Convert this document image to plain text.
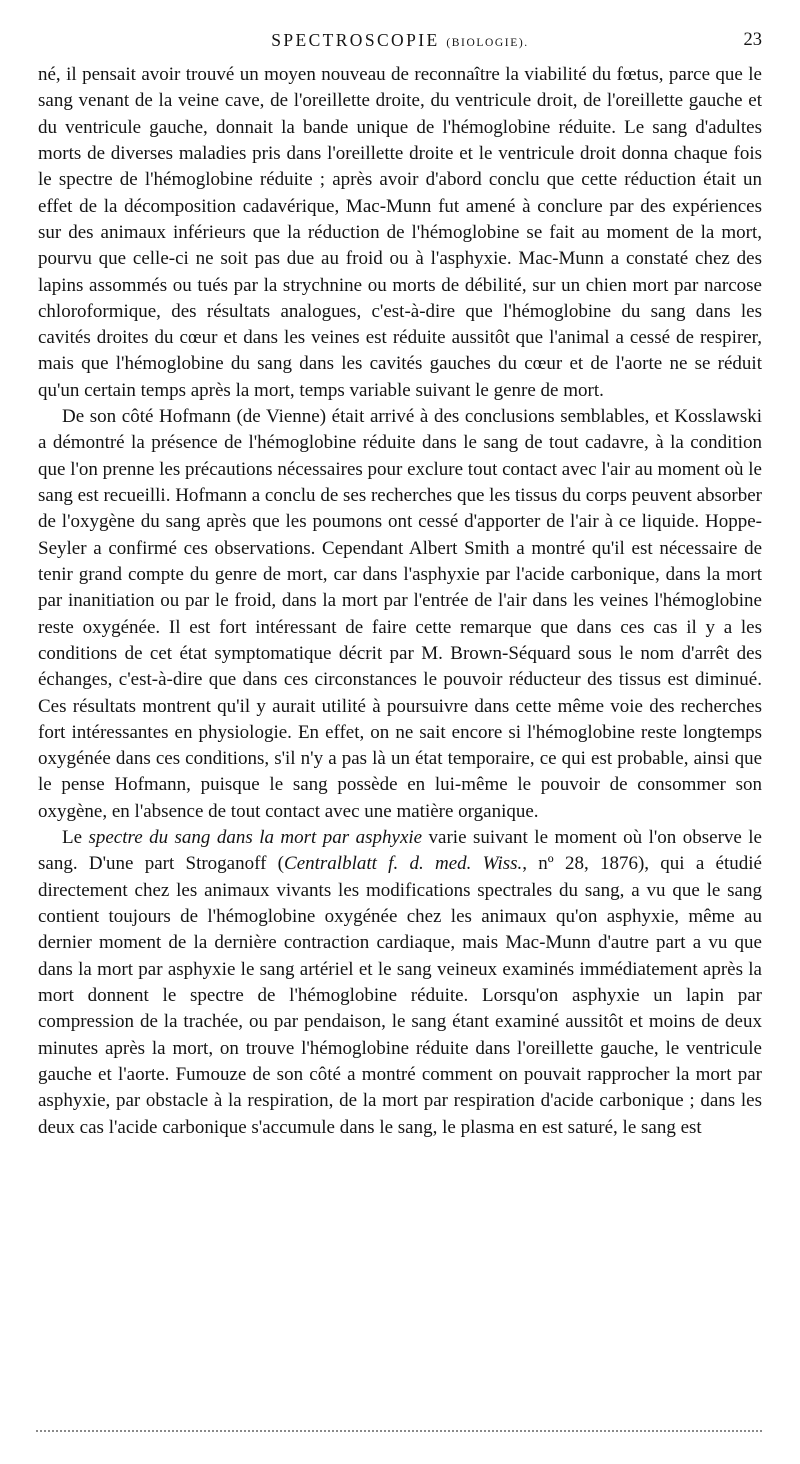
SPECTROSCOPIE (BIOLOGIE).	23

né, il pensait avoir trouvé un moyen nouveau de reconnaître la viabilité du fœtus, parce que le sang venant de la veine cave, de l'oreillette droite, du ventricule droit, de l'oreillette gauche et du ventricule gauche, donnait la bande unique de l'hémoglobine réduite. Le sang d'adultes morts de diverses maladies pris dans l'oreillette droite et le ventricule droit donna chaque fois le spectre de l'hémoglobine réduite ; après avoir d'abord conclu que cette réduction était un effet de la décomposition cadavérique, Mac-Munn fut amené à conclure par des expériences sur des animaux inférieurs que la réduction de l'hémoglobine se fait au moment de la mort, pourvu que celle-ci ne soit pas due au froid ou à l'asphyxie. Mac-Munn a constaté chez des lapins assommés ou tués par la strychnine ou morts de débilité, sur un chien mort par narcose chloroformique, des résultats analogues, c'est-à-dire que l'hémoglobine du sang dans les cavités droites du cœur et dans les veines est réduite aussitôt que l'animal a cessé de respirer, mais que l'hémoglobine du sang dans les cavités gauches du cœur et de l'aorte ne se réduit qu'un certain temps après la mort, temps variable suivant le genre de mort.

De son côté Hofmann (de Vienne) était arrivé à des conclusions semblables, et Kosslawski a démontré la présence de l'hémoglobine réduite dans le sang de tout cadavre, à la condition que l'on prenne les précautions nécessaires pour exclure tout contact avec l'air au moment où le sang est recueilli. Hofmann a conclu de ses recherches que les tissus du corps peuvent absorber de l'oxygène du sang après que les poumons ont cessé d'apporter de l'air à ce liquide. Hoppe-Seyler a confirmé ces observations. Cependant Albert Smith a montré qu'il est nécessaire de tenir grand compte du genre de mort, car dans l'asphyxie par l'acide carbonique, dans la mort par inanitiation ou par le froid, dans la mort par l'entrée de l'air dans les veines l'hémoglobine reste oxygénée. Il est fort intéressant de faire cette remarque que dans ces cas il y a les conditions de cet état symptomatique décrit par M. Brown-Séquard sous le nom d'arrêt des échanges, c'est-à-dire que dans ces circonstances le pouvoir réducteur des tissus est diminué. Ces résultats montrent qu'il y aurait utilité à poursuivre dans cette même voie des recherches fort intéressantes en physiologie. En effet, on ne sait encore si l'hémoglobine reste longtemps oxygénée dans ces conditions, s'il n'y a pas là un état temporaire, ce qui est probable, ainsi que le pense Hofmann, puisque le sang possède en lui-même le pouvoir de consommer son oxygène, en l'absence de tout contact avec une matière organique.

Le spectre du sang dans la mort par asphyxie varie suivant le moment où l'on observe le sang. D'une part Stroganoff (Centralblatt f. d. med. Wiss., nº 28, 1876), qui a étudié directement chez les animaux vivants les modifications spectrales du sang, a vu que le sang contient toujours de l'hémoglobine oxygénée chez les animaux qu'on asphyxie, même au dernier moment de la dernière contraction cardiaque, mais Mac-Munn d'autre part a vu que dans la mort par asphyxie le sang artériel et le sang veineux examinés immédiatement après la mort donnent le spectre de l'hémoglobine réduite. Lorsqu'on asphyxie un lapin par compression de la trachée, ou par pendaison, le sang étant examiné aussitôt et moins de deux minutes après la mort, on trouve l'hémoglobine réduite dans l'oreillette gauche, le ventricule gauche et l'aorte. Fumouze de son côté a montré comment on pouvait rapprocher la mort par asphyxie, par obstacle à la respiration, de la mort par respiration d'acide carbonique ; dans les deux cas l'acide carbonique s'accumule dans le sang, le plasma en est saturé, le sang est
